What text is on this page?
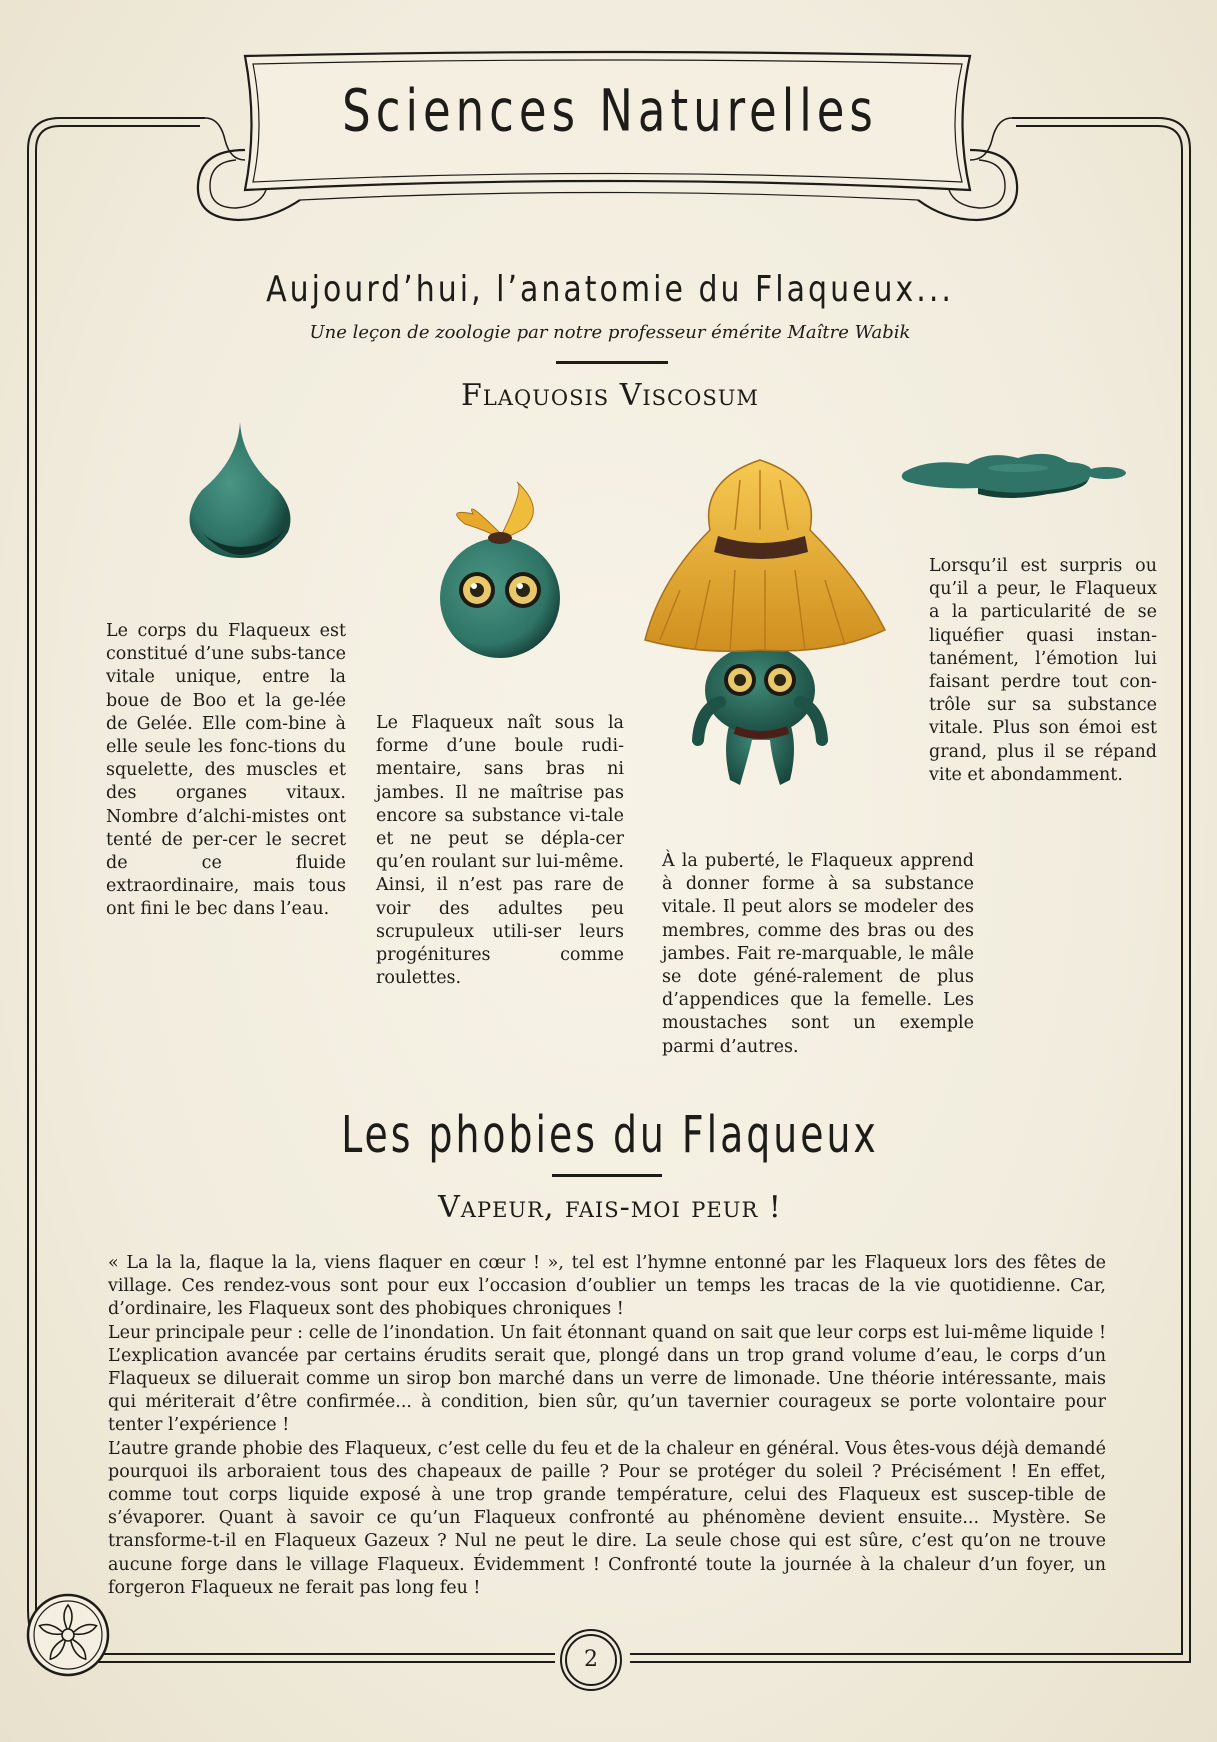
Sciences Naturelles
Aujourd’hui, l’anatomie du Flaqueux...
Une leçon de zoologie par notre professeur émérite Maître Wabik
Flaquosis Viscosum

Le corps du Flaqueux est constitué d’une subs-tance vitale unique, entre la boue de Boo et la ge-lée de Gelée. Elle com-bine à elle seule les fonc-tions du squelette, des muscles et des organes vitaux. Nombre d’alchi-mistes ont tenté de per-cer le secret de ce fluide extraordinaire, mais tous ont fini le bec dans l’eau.

Le Flaqueux naît sous la forme d’une boule rudi-mentaire, sans bras ni jambes. Il ne maîtrise pas encore sa substance vi-tale et ne peut se dépla-cer qu’en roulant sur lui-même. Ainsi, il n’est pas rare de voir des adultes peu scrupuleux utili-ser leurs progénitures comme roulettes.

À la puberté, le Flaqueux apprend à donner forme à sa substance vitale. Il peut alors se modeler des membres, comme des bras ou des jambes. Fait re-marquable, le mâle se dote géné-ralement de plus d’appendices que la femelle. Les moustaches sont un exemple parmi d’autres.

Lorsqu’il est surpris ou qu’il a peur, le Flaqueux a la particularité de se liquéfier quasi instan-tanément, l’émotion lui faisant perdre tout con-trôle sur sa substance vitale. Plus son émoi est grand, plus il se répand vite et abondamment.

Les phobies du Flaqueux
Vapeur, fais-moi peur !

« La la la, flaque la la, viens flaquer en cœur ! », tel est l’hymne entonné par les Flaqueux lors des fêtes de village. Ces rendez-vous sont pour eux l’occasion d’oublier un temps les tracas de la vie quotidienne. Car, d’ordinaire, les Flaqueux sont des phobiques chroniques !

Leur principale peur : celle de l’inondation. Un fait étonnant quand on sait que leur corps est lui-même liquide ! L’explication avancée par certains érudits serait que, plongé dans un trop grand volume d’eau, le corps d’un Flaqueux se diluerait comme un sirop bon marché dans un verre de limonade. Une théorie intéressante, mais qui mériterait d’être confirmée... à condition, bien sûr, qu’un tavernier courageux se porte volontaire pour tenter l’expérience !

L’autre grande phobie des Flaqueux, c’est celle du feu et de la chaleur en général. Vous êtes-vous déjà demandé pourquoi ils arboraient tous des chapeaux de paille ? Pour se protéger du soleil ? Précisément ! En effet, comme tout corps liquide exposé à une trop grande température, celui des Flaqueux est suscep-tible de s’évaporer. Quant à savoir ce qu’un Flaqueux confronté au phénomène devient ensuite... Mystère. Se transforme-t-il en Flaqueux Gazeux ? Nul ne peut le dire. La seule chose qui est sûre, c’est qu’on ne trouve aucune forge dans le village Flaqueux. Évidemment ! Confronté toute la journée à la chaleur d’un foyer, un forgeron Flaqueux ne ferait pas long feu !

2
